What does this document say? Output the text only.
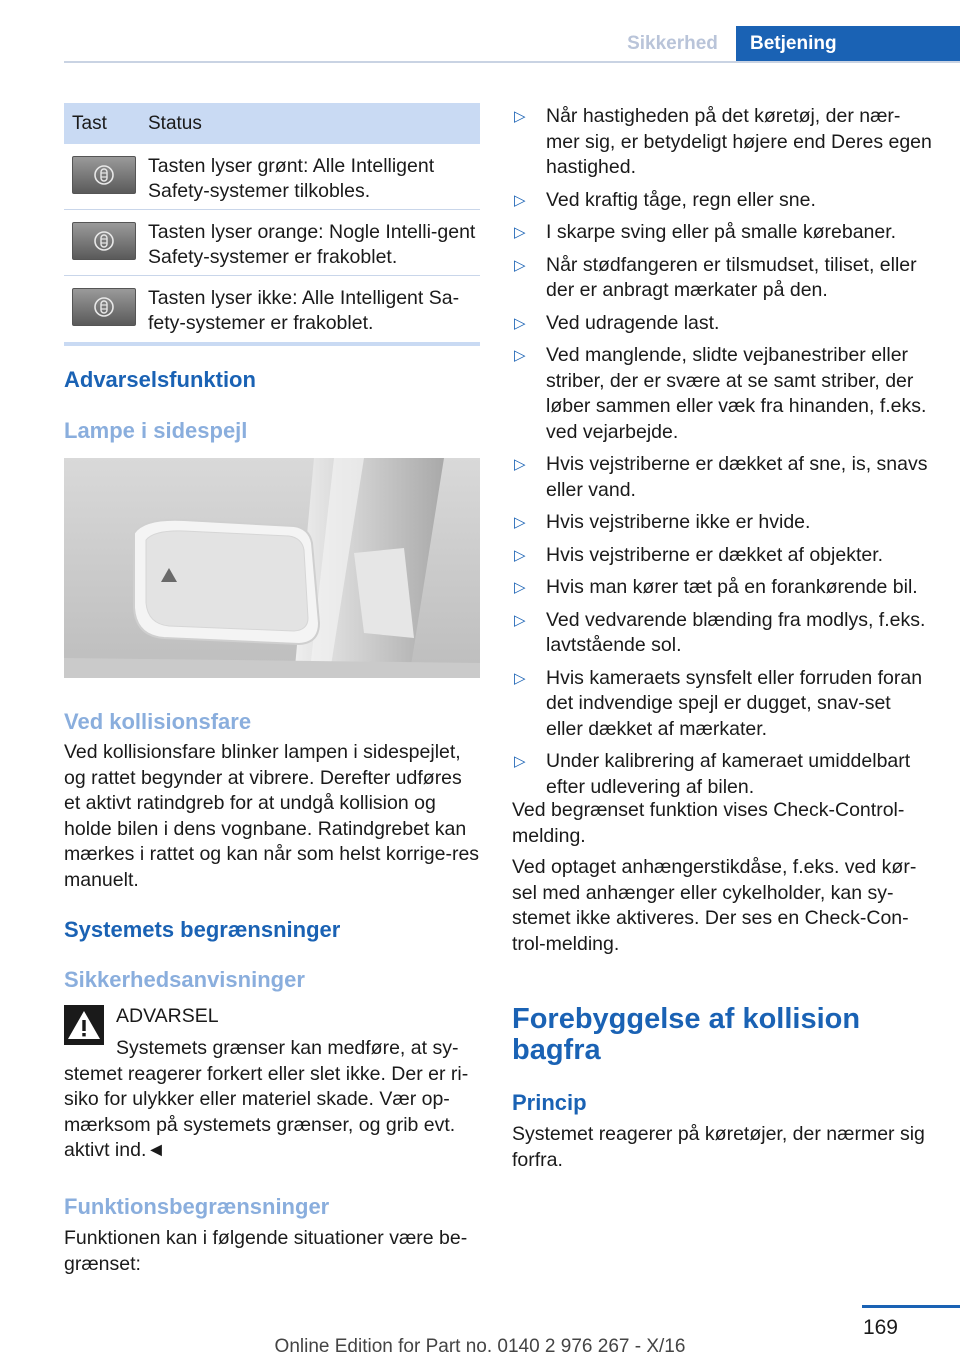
Sikkerhed	Betjening
Tast	Status
Tasten lyser grønt: Alle Intelligent Safety-systemer tilkobles.
Tasten lyser orange: Nogle Intelli-gent Safety-systemer er frakoblet.
Tasten lyser ikke: Alle Intelligent Sa-fety-systemer er frakoblet.
Advarselsfunktion
Lampe i sidespejl
Ved kollisionsfare
Ved kollisionsfare blinker lampen i sidespejlet, og rattet begynder at vibrere. Derefter udføres et aktivt ratindgreb for at undgå kollision og holde bilen i dens vognbane. Ratindgrebet kan mærkes i rattet og kan når som helst korrige-res manuelt.
Systemets begrænsninger
Sikkerhedsanvisninger
ADVARSEL
Systemets grænser kan medføre, at sy-stemet reagerer forkert eller slet ikke. Der er ri-siko for ulykker eller materiel skade. Vær op-mærksom på systemets grænser, og grib evt. aktivt ind.◄
Funktionsbegrænsninger
Funktionen kan i følgende situationer være be-grænset:
▷ Når hastigheden på det køretøj, der nær-mer sig, er betydeligt højere end Deres egen hastighed.
▷ Ved kraftig tåge, regn eller sne.
▷ I skarpe sving eller på smalle kørebaner.
▷ Når stødfangeren er tilsmudset, tiliset, eller der er anbragt mærkater på den.
▷ Ved udragende last.
▷ Ved manglende, slidte vejbanestriber eller striber, der er svære at se samt striber, der løber sammen eller væk fra hinanden, f.eks. ved vejarbejde.
▷ Hvis vejstriberne er dækket af sne, is, snavs eller vand.
▷ Hvis vejstriberne ikke er hvide.
▷ Hvis vejstriberne er dækket af objekter.
▷ Hvis man kører tæt på en forankørende bil.
▷ Ved vedvarende blænding fra modlys, f.eks. lavtstående sol.
▷ Hvis kameraets synsfelt eller forruden foran det indvendige spejl er dugget, snav-set eller dækket af mærkater.
▷ Under kalibrering af kameraet umiddelbart efter udlevering af bilen.
Ved begrænset funktion vises Check-Control-melding.
Ved optaget anhængerstikdåse, f.eks. ved kør-sel med anhænger eller cykelholder, kan sy-stemet ikke aktiveres. Der ses en Check-Con-trol-melding.
Forebyggelse af kollision bagfra
Princip
Systemet reagerer på køretøjer, der nærmer sig forfra.
169
Online Edition for Part no. 0140 2 976 267 - X/16
